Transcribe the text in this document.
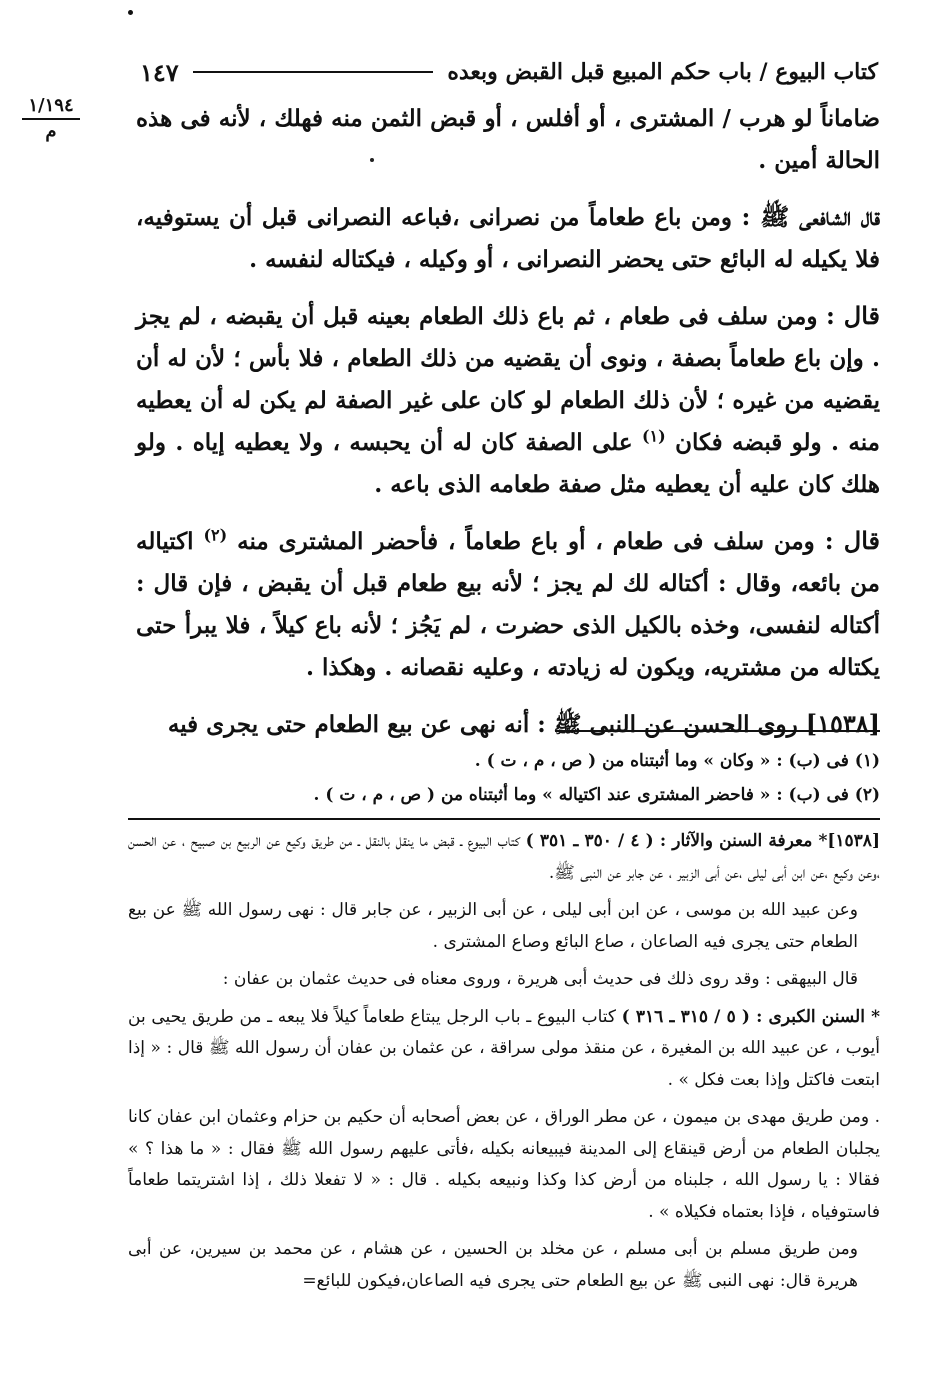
كتاب البيوع / باب حكم المبيع قبل القبض وبعده
١٤٧
١/١٩٤
م	ضاماناً لو هرب / المشترى ، أو أفلس ، أو قبض الثمن منه فهلك ، لأنه فى هذه الحالة أمين .

قال الشافعى ﷺ : ومن باع طعاماً من نصرانى ،فباعه النصرانى قبل أن يستوفيه، فلا يكيله له البائع حتى يحضر النصرانى ، أو وكيله ، فيكتاله لنفسه .

قال : ومن سلف فى طعام ، ثم باع ذلك الطعام بعينه قبل أن يقبضه ، لم يجز . وإن باع طعاماً بصفة ، ونوى أن يقضيه من ذلك الطعام ، فلا بأس ؛ لأن له أن يقضيه من غيره ؛ لأن ذلك الطعام لو كان على غير الصفة لم يكن له أن يعطيه منه . ولو قبضه فكان $^{(١)}$ على الصفة كان له أن يحبسه ، ولا يعطيه إياه . ولو هلك كان عليه أن يعطيه مثل صفة طعامه الذى باعه .

قال : ومن سلف فى طعام ، أو باع طعاماً ، فأحضر المشترى منه $^{(٢)}$ اكتياله من بائعه، وقال : أكتاله لك لم يجز ؛ لأنه بيع طعام قبل أن يقبض ، فإن قال : أكتاله لنفسى، وخذه بالكيل الذى حضرت ، لم يَجُز ؛ لأنه باع كيلاً ، فلا يبرأ حتى يكتاله من مشتريه، ويكون له زيادته ، وعليه نقصانه . وهكذا .

[١٥٣٨] روى الحسن عن النبى ﷺ : أنه نهى عن بيع الطعام حتى يجرى فيه

(١) فى (ب) : « وكان » وما أثبتناه من ( ص ، م ، ت ) .
(٢) فى (ب) : « فاحضر المشترى عند اكتياله » وما أثبتناه من ( ص ، م ، ت ) .

[١٥٣٨]* معرفة السنن والآثار : ( ٤ / ٣٥٠ ـ ٣٥١ ) كتاب البيوع ـ قبض ما ينقل بالنقل ـ من طريق وكيع عن الربيع بن صبيح ، عن الحسن ،وعن وكيع ،عن ابن أبى ليلى ،عن أبى الزبير ، عن جابر عن النبى ﷺ.

وعن عبيد الله بن موسى ، عن ابن أبى ليلى ، عن أبى الزبير ، عن جابر قال : نهى رسول الله ﷺ عن بيع الطعام حتى يجرى فيه الصاعان ، صاع البائع وصاع المشترى .

قال البيهقى : وقد روى ذلك فى حديث أبى هريرة ، وروى معناه فى حديث عثمان بن عفان :

* السنن الكبرى : ( ٥ / ٣١٥ ـ ٣١٦ ) كتاب البيوع ـ باب الرجل يبتاع طعاماً كيلاً فلا يبعه ـ من طريق يحيى بن أيوب ، عن عبيد الله بن المغيرة ، عن منقذ مولى سراقة ، عن عثمان بن عفان أن رسول الله ﷺ قال : « إذا ابتعت فاكتل وإذا بعت فكل » .

. ومن طريق مهدى بن ميمون ، عن مطر الوراق ، عن بعض أصحابه أن حكيم بن حزام وعثمان ابن عفان كانا يجلبان الطعام من أرض قينقاع إلى المدينة فيبيعانه بكيله ،فأتى عليهم رسول الله ﷺ فقال : « ما هذا ؟ » فقالا : يا رسول الله ، جلبناه من أرض كذا وكذا ونبيعه بكيله . قال : « لا تفعلا ذلك ، إذا اشتريتما طعاماً فاستوفياه ، فإذا بعتماه فكيلاه » .

ومن طريق مسلم بن أبى مسلم ، عن مخلد بن الحسين ، عن هشام ، عن محمد بن سيرين، عن أبى هريرة قال: نهى النبى ﷺ عن بيع الطعام حتى يجرى فيه الصاعان،فيكون للبائع=
